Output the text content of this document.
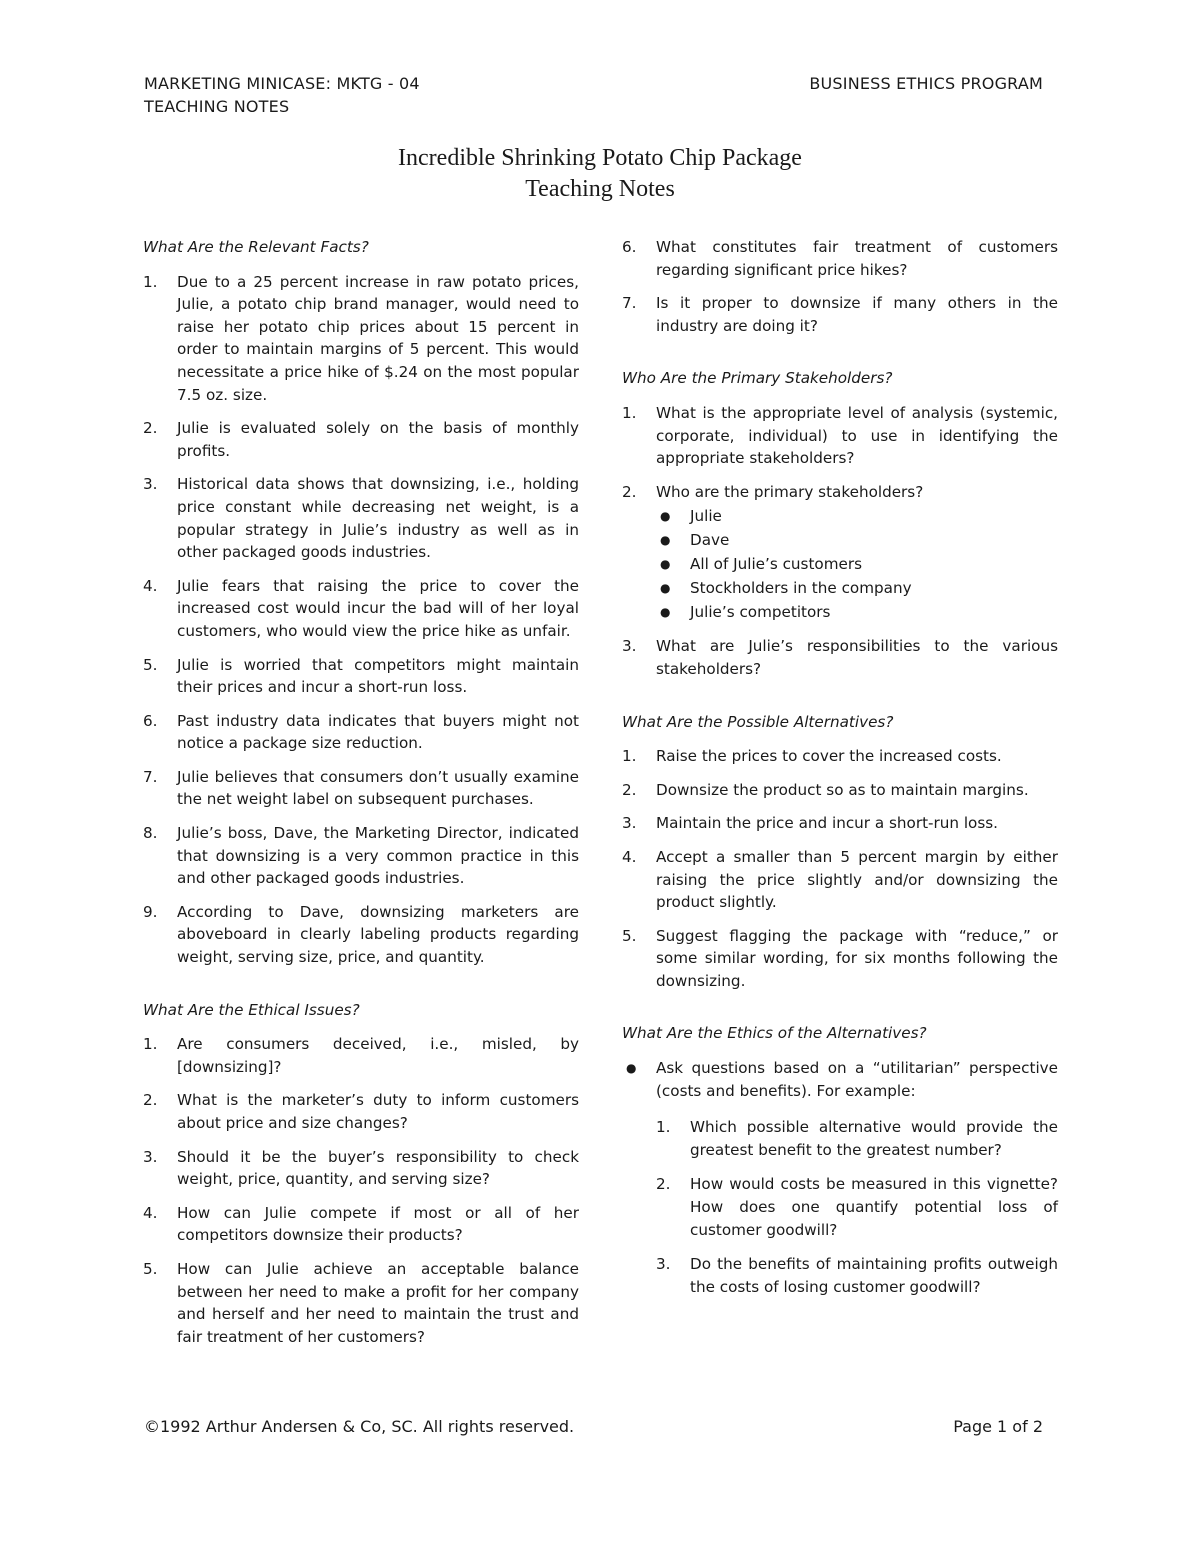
MARKETING MINICASE: MKTG - 04
TEACHING NOTES
BUSINESS ETHICS PROGRAM
Incredible Shrinking Potato Chip Package
Teaching Notes
What Are the Relevant Facts?
1. Due to a 25 percent increase in raw potato prices, Julie, a potato chip brand manager, would need to raise her potato chip prices about 15 percent in order to maintain margins of 5 percent. This would necessitate a price hike of $.24 on the most popular 7.5 oz. size.
2. Julie is evaluated solely on the basis of monthly profits.
3. Historical data shows that downsizing, i.e., holding price constant while decreasing net weight, is a popular strategy in Julie’s industry as well as in other packaged goods industries.
4. Julie fears that raising the price to cover the increased cost would incur the bad will of her loyal customers, who would view the price hike as unfair.
5. Julie is worried that competitors might maintain their prices and incur a short-run loss.
6. Past industry data indicates that buyers might not notice a package size reduction.
7. Julie believes that consumers don’t usually examine the net weight label on subsequent purchases.
8. Julie’s boss, Dave, the Marketing Director, indicated that downsizing is a very common practice in this and other packaged goods industries.
9. According to Dave, downsizing marketers are aboveboard in clearly labeling products regarding weight, serving size, price, and quantity.
What Are the Ethical Issues?
1. Are consumers deceived, i.e., misled, by [downsizing]?
2. What is the marketer’s duty to inform customers about price and size changes?
3. Should it be the buyer’s responsibility to check weight, price, quantity, and serving size?
4. How can Julie compete if most or all of her competitors downsize their products?
5. How can Julie achieve an acceptable balance between her need to make a profit for her company and herself and her need to maintain the trust and fair treatment of her customers?
6. What constitutes fair treatment of customers regarding significant price hikes?
7. Is it proper to downsize if many others in the industry are doing it?
Who Are the Primary Stakeholders?
1. What is the appropriate level of analysis (systemic, corporate, individual) to use in identifying the appropriate stakeholders?
2. Who are the primary stakeholders?
● Julie
● Dave
● All of Julie’s customers
● Stockholders in the company
● Julie’s competitors
3. What are Julie’s responsibilities to the various stakeholders?
What Are the Possible Alternatives?
1. Raise the prices to cover the increased costs.
2. Downsize the product so as to maintain margins.
3. Maintain the price and incur a short-run loss.
4. Accept a smaller than 5 percent margin by either raising the price slightly and/or downsizing the product slightly.
5. Suggest flagging the package with “reduce,” or some similar wording, for six months following the downsizing.
What Are the Ethics of the Alternatives?
● Ask questions based on a “utilitarian” perspective (costs and benefits). For example:
1. Which possible alternative would provide the greatest benefit to the greatest number?
2. How would costs be measured in this vignette? How does one quantify potential loss of customer goodwill?
3. Do the benefits of maintaining profits outweigh the costs of losing customer goodwill?
©1992 Arthur Andersen & Co, SC. All rights reserved.	Page 1 of 2
